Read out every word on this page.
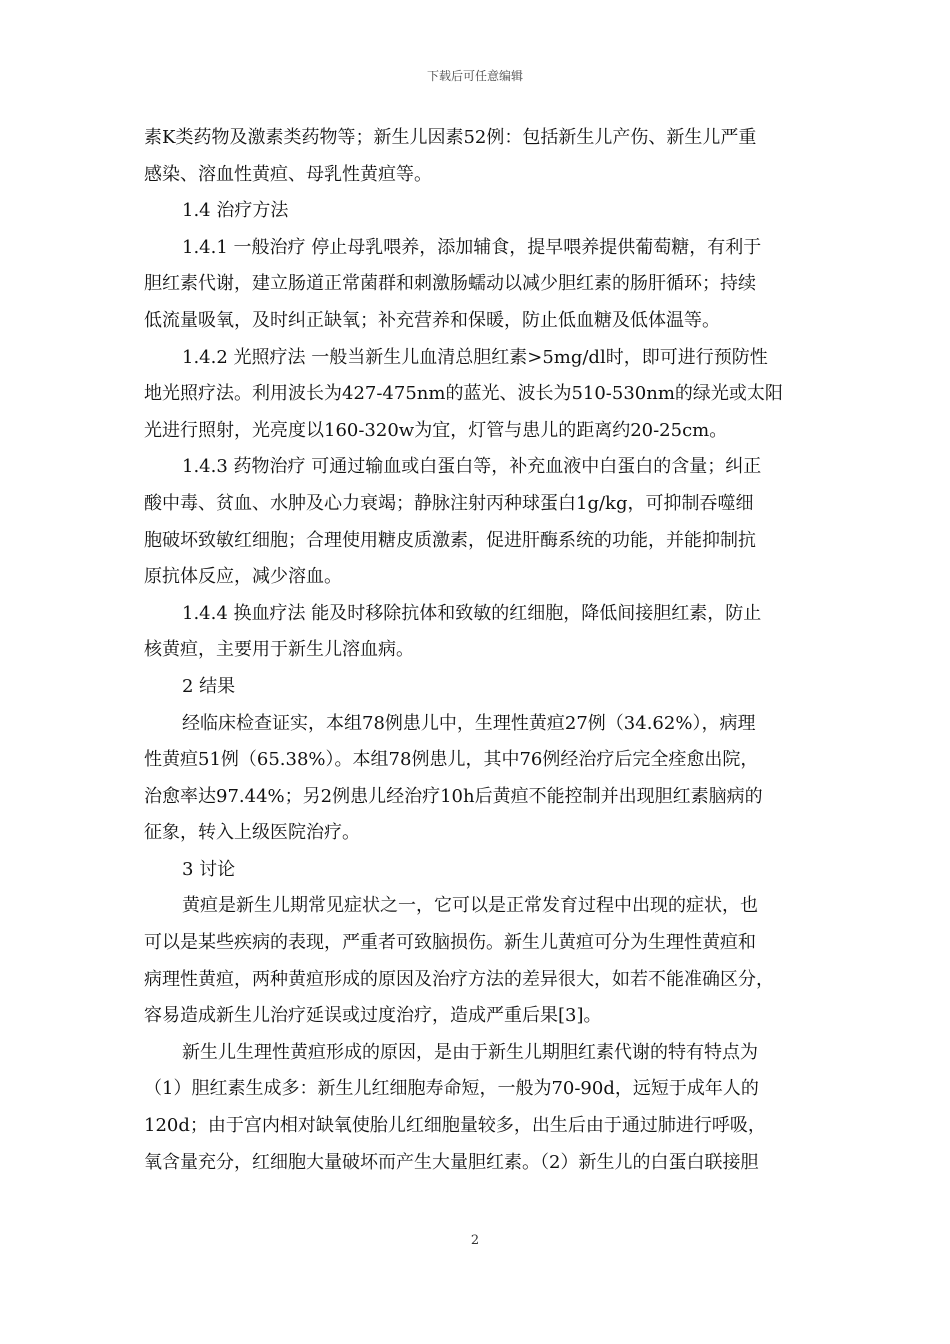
下载后可任意编辑
素K类药物及激素类药物等；新生儿因素52例：包括新生儿产伤、新生儿严重
感染、溶血性黄疸、母乳性黄疸等。
1.4 治疗方法
1.4.1 一般治疗 停止母乳喂养，添加辅食，提早喂养提供葡萄糖，有利于
胆红素代谢，建立肠道正常菌群和刺激肠蠕动以减少胆红素的肠肝循环；持续
低流量吸氧，及时纠正缺氧；补充营养和保暖，防止低血糖及低体温等。
1.4.2 光照疗法 一般当新生儿血清总胆红素>5mg/dl时，即可进行预防性
地光照疗法。利用波长为427-475nm的蓝光、波长为510-530nm的绿光或太阳
光进行照射，光亮度以160-320w为宜，灯管与患儿的距离约20-25cm。
1.4.3 药物治疗 可通过输血或白蛋白等，补充血液中白蛋白的含量；纠正
酸中毒、贫血、水肿及心力衰竭；静脉注射丙种球蛋白1g/kg，可抑制吞噬细
胞破坏致敏红细胞；合理使用糖皮质激素，促进肝酶系统的功能，并能抑制抗
原抗体反应，减少溶血。
1.4.4 换血疗法 能及时移除抗体和致敏的红细胞，降低间接胆红素，防止
核黄疸，主要用于新生儿溶血病。
2 结果
经临床检查证实，本组78例患儿中，生理性黄疸27例（34.62%），病理
性黄疸51例（65.38%）。本组78例患儿，其中76例经治疗后完全痊愈出院，
治愈率达97.44%；另2例患儿经治疗10h后黄疸不能控制并出现胆红素脑病的
征象，转入上级医院治疗。
3 讨论
黄疸是新生儿期常见症状之一，它可以是正常发育过程中出现的症状，也
可以是某些疾病的表现，严重者可致脑损伤。新生儿黄疸可分为生理性黄疸和
病理性黄疸，两种黄疸形成的原因及治疗方法的差异很大，如若不能准确区分，
容易造成新生儿治疗延误或过度治疗，造成严重后果[3]。
新生儿生理性黄疸形成的原因，是由于新生儿期胆红素代谢的特有特点为
（1）胆红素生成多：新生儿红细胞寿命短，一般为70-90d，远短于成年人的
120d；由于宫内相对缺氧使胎儿红细胞量较多，出生后由于通过肺进行呼吸，
氧含量充分，红细胞大量破坏而产生大量胆红素。（2）新生儿的白蛋白联接胆
2
